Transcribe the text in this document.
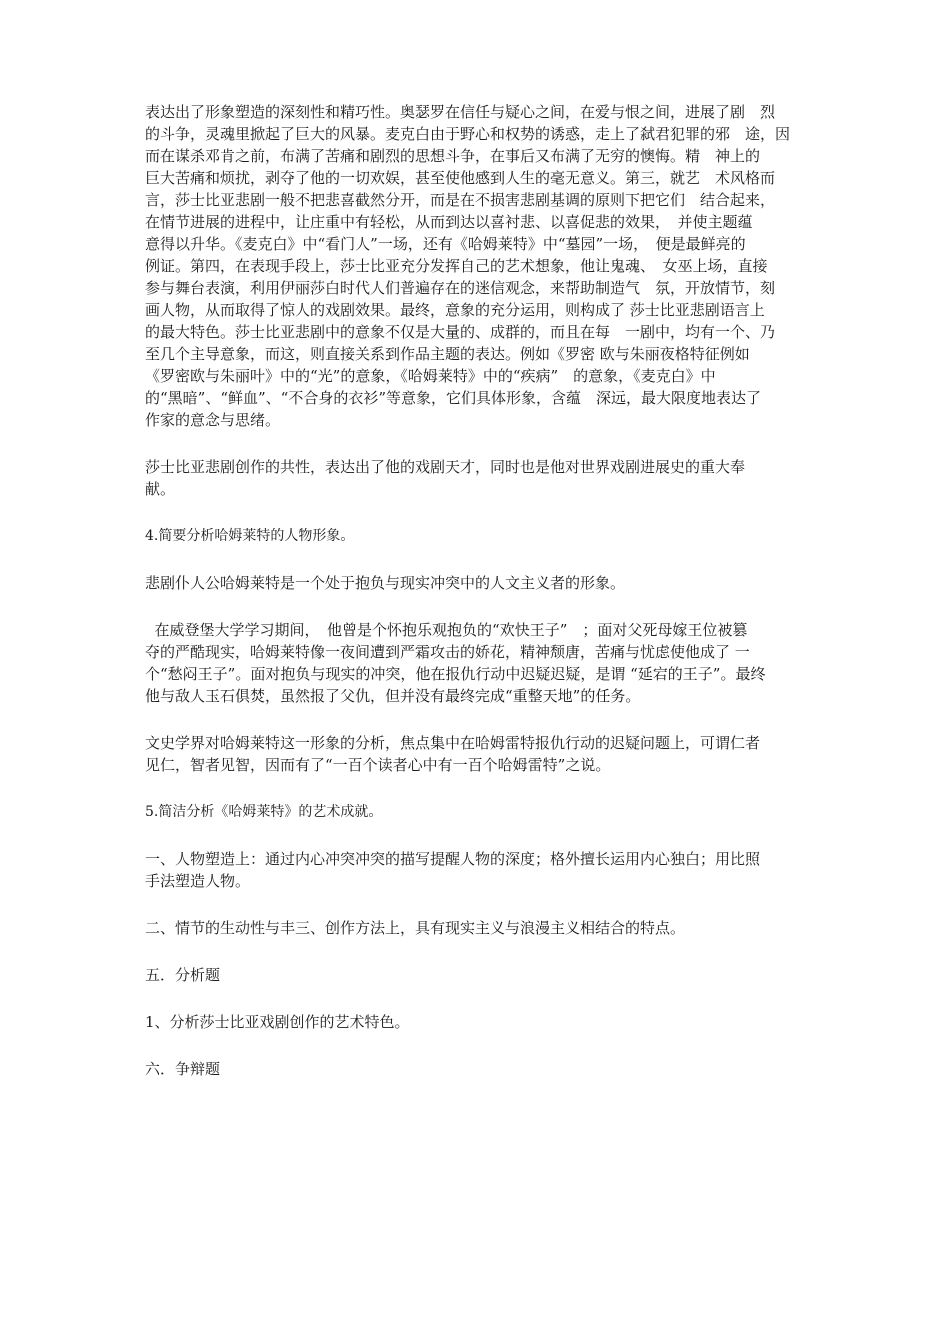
表达出了形象塑造的深刻性和精巧性。奥瑟罗在信任与疑心之间，在爱与恨之间，进展了剧　烈
的斗争，灵魂里掀起了巨大的风暴。麦克白由于野心和权势的诱惑，走上了弑君犯罪的邪　途，因
而在谋杀邓肯之前，布满了苦痛和剧烈的思想斗争，在事后又布满了无穷的懊悔。精　神上的
巨大苦痛和烦扰，剥夺了他的一切欢娱，甚至使他感到人生的毫无意义。第三，就艺　术风格而
言，莎士比亚悲剧一般不把悲喜截然分开，而是在不损害悲剧基调的原则下把它们　结合起来，
在情节进展的进程中，让庄重中有轻松，从而到达以喜衬悲、以喜促悲的效果，　并使主题蕴
意得以升华。《麦克白》中“看门人”一场，还有《哈姆莱特》中“墓园”一场，　便是最鲜亮的
例证。第四，在表现手段上，莎士比亚充分发挥自己的艺术想象，他让鬼魂、　女巫上场，直接
参与舞台表演，利用伊丽莎白时代人们普遍存在的迷信观念，来帮助制造气　氛，开放情节，刻
画人物，从而取得了惊人的戏剧效果。最终，意象的充分运用，则构成了 莎士比亚悲剧语言上
的最大特色。莎士比亚悲剧中的意象不仅是大量的、成群的，而且在每　一剧中，均有一个、乃
至几个主导意象，而这，则直接关系到作品主题的表达。例如《罗密 欧与朱丽夜格特征例如
《罗密欧与朱丽叶》中的“光”的意象，《哈姆莱特》中的“疾病”　的意象，《麦克白》中
的“黑暗”、“鲜血”、“不合身的衣衫”等意象，它们具体形象，含蕴　深远，最大限度地表达了
作家的意念与思绪。

莎士比亚悲剧创作的共性，表达出了他的戏剧天才，同时也是他对世界戏剧进展史的重大奉
献。

4.简要分析哈姆莱特的人物形象。

悲剧仆人公哈姆莱特是一个处于抱负与现实冲突中的人文主义者的形象。

在威登堡大学学习期间，　他曾是个怀抱乐观抱负的“欢快王子”　；面对父死母嫁王位被篡
夺的严酷现实，哈姆莱特像一夜间遭到严霜攻击的娇花，精神颓唐，苦痛与忧虑使他成了 一
个“愁闷王子”。面对抱负与现实的冲突，他在报仇行动中迟疑迟疑，是谓 “延宕的王子”。最终
他与敌人玉石俱焚，虽然报了父仇，但并没有最终完成“重整天地”的任务。

文史学界对哈姆莱特这一形象的分析，焦点集中在哈姆雷特报仇行动的迟疑问题上，可谓仁者
见仁，智者见智，因而有了“一百个读者心中有一百个哈姆雷特”之说。

5.简洁分析《哈姆莱特》的艺术成就。

一、人物塑造上：通过内心冲突冲突的描写提醒人物的深度；格外擅长运用内心独白；用比照
手法塑造人物。

二、情节的生动性与丰三、创作方法上，具有现实主义与浪漫主义相结合的特点。

五．分析题

1、分析莎士比亚戏剧创作的艺术特色。

六．争辩题
